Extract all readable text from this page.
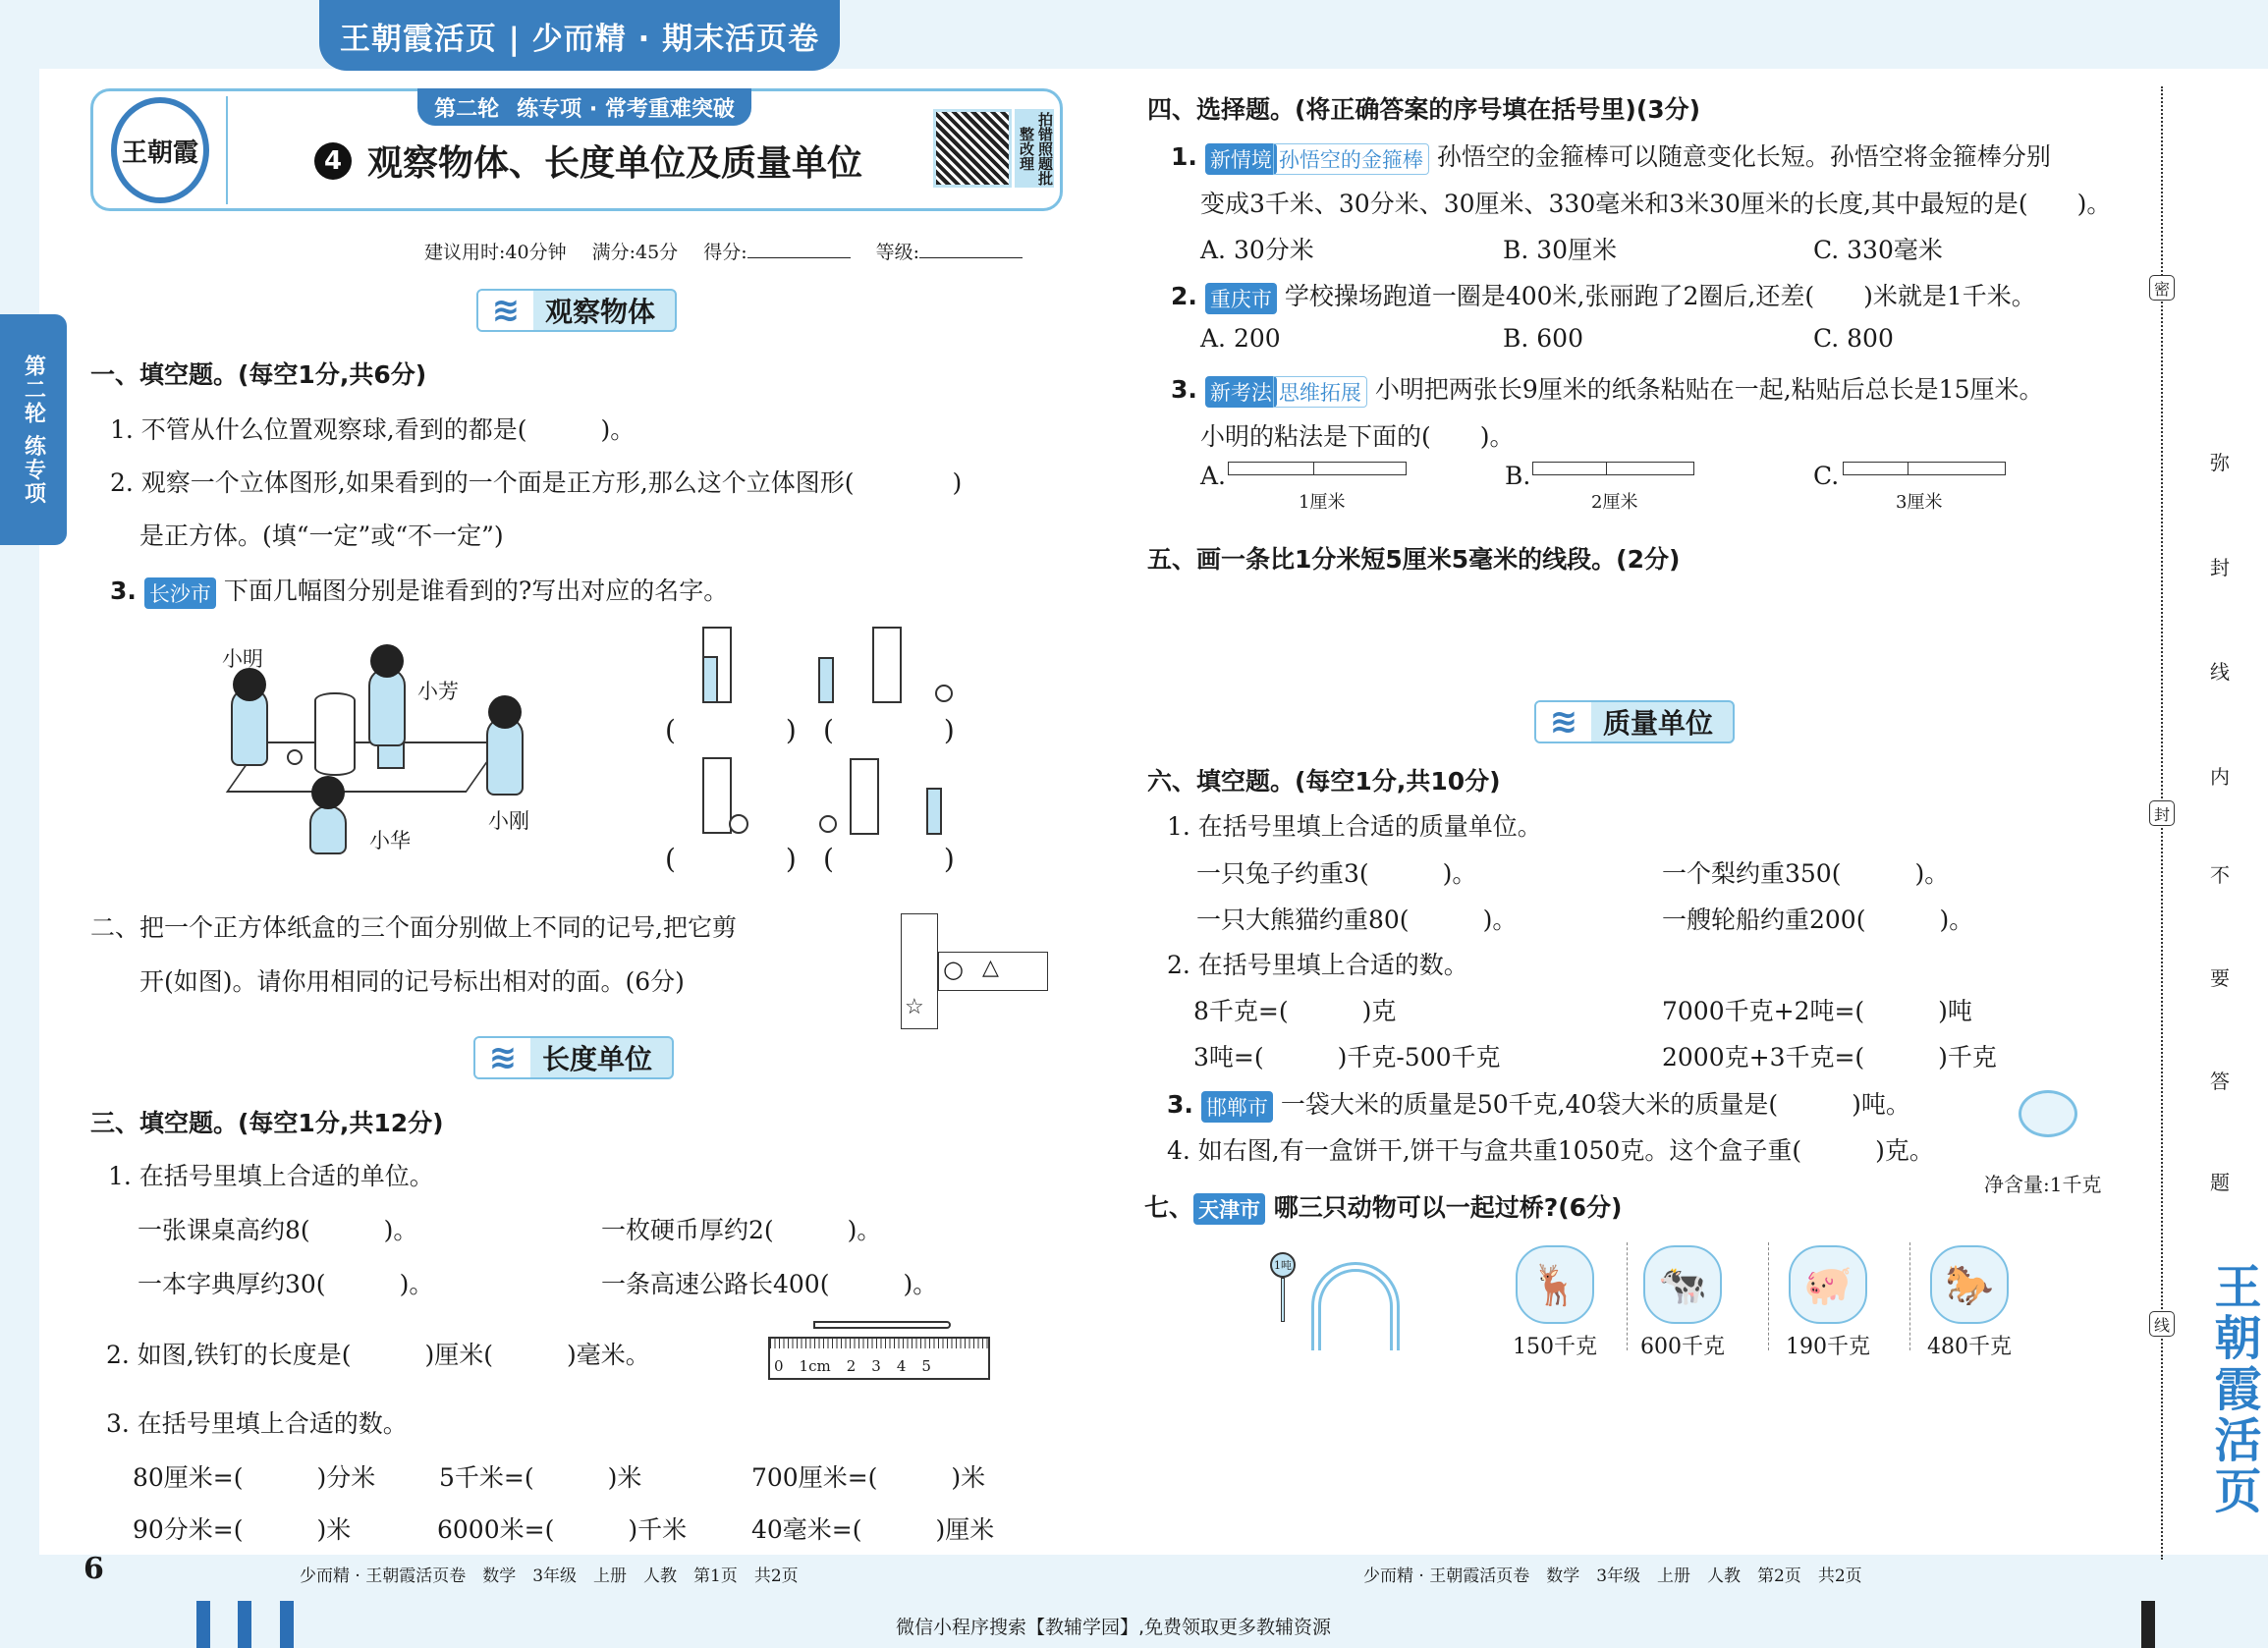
王朝霞活页 | 少而精 · 期末活页卷
王朝霞
第二轮 练专项 · 常考重难突破
4 观察物体、长度单位及质量单位	拍错照题批整改理
建议用时:40分钟 满分:45分 得分:	等级:
第二轮 练专项
≋ 观察物体
一、填空题。(每空1分,共6分)
1. 不管从什么位置观察球,看到的都是(　　　)。
2. 观察一个立体图形,如果看到的一个面是正方形,那么这个立体图形(　　　　)
是正方体。(填“一定”或“不一定”)
3. 长沙市 下面几幅图分别是谁看到的?写出对应的名字。
小明
小芳
小刚
小华
(　　　　) (　　　　)
(　　　　) (　　　　)
二、把一个正方体纸盒的三个面分别做上不同的记号,把它剪
开(如图)。请你用相同的记号标出相对的面。(6分)	○ △
☆
≋ 长度单位
三、填空题。(每空1分,共12分)
1. 在括号里填上合适的单位。
一张课桌高约8(　　　)。	一枚硬币厚约2(　　　)。
一本字典厚约30(　　　)。	一条高速公路长400(　　　)。
2. 如图,铁钉的长度是(　　　)厘米(　　　)毫米。	0 1cm 2 3 4 5
3. 在括号里填上合适的数。
80厘米=(　　　)分米	5千米=(　　　)米	700厘米=(　　　)米
90分米=(　　　)米	6000米=(　　　)千米	40毫米=(　　　)厘米
6	少而精 · 王朝霞活页卷　数学　3年级　上册　人教　第1页　共2页
四、选择题。(将正确答案的序号填在括号里)(3分)
1. 新情境 孙悟空的金箍棒 孙悟空的金箍棒可以随意变化长短。孙悟空将金箍棒分别
变成3千米、30分米、30厘米、330毫米和3米30厘米的长度,其中最短的是(　　)。
A. 30分米	B. 30厘米	C. 330毫米
2. 重庆市 学校操场跑道一圈是400米,张丽跑了2圈后,还差(　　)米就是1千米。
A. 200	B. 600	C. 800
3. 新考法 思维拓展 小明把两张长9厘米的纸条粘贴在一起,粘贴后总长是15厘米。
小明的粘法是下面的(　　)。
A.
1厘米
B.
2厘米
C.
3厘米
五、画一条比1分米短5厘米5毫米的线段。(2分)
≋ 质量单位
六、填空题。(每空1分,共10分)
1. 在括号里填上合适的质量单位。
一只兔子约重3(　　　)。	一个梨约重350(　　　)。
一只大熊猫约重80(　　　)。	一艘轮船约重200(　　　)。
2. 在括号里填上合适的数。
8千克=(　　　)克	7000千克+2吨=(　　　)吨
3吨=(　　　)千克-500千克	2000克+3千克=(　　　)千克
3. 邯郸市 一袋大米的质量是50千克,40袋大米的质量是(　　　)吨。
4. 如右图,有一盒饼干,饼干与盒共重1050克。这个盒子重(　　　)克。
净含量:1千克
七、 天津市 哪三只动物可以一起过桥?(6分)
1吨	🦌
150千克
🐄
600千克
🐖
190千克
🐎
480千克
少而精 · 王朝霞活页卷　数学　3年级　上册　人教　第2页　共2页
微信小程序搜索【教辅学园】,免费领取更多教辅资源
密
封
线
弥
封
线
内
不
要
答
题
王朝霞活页
